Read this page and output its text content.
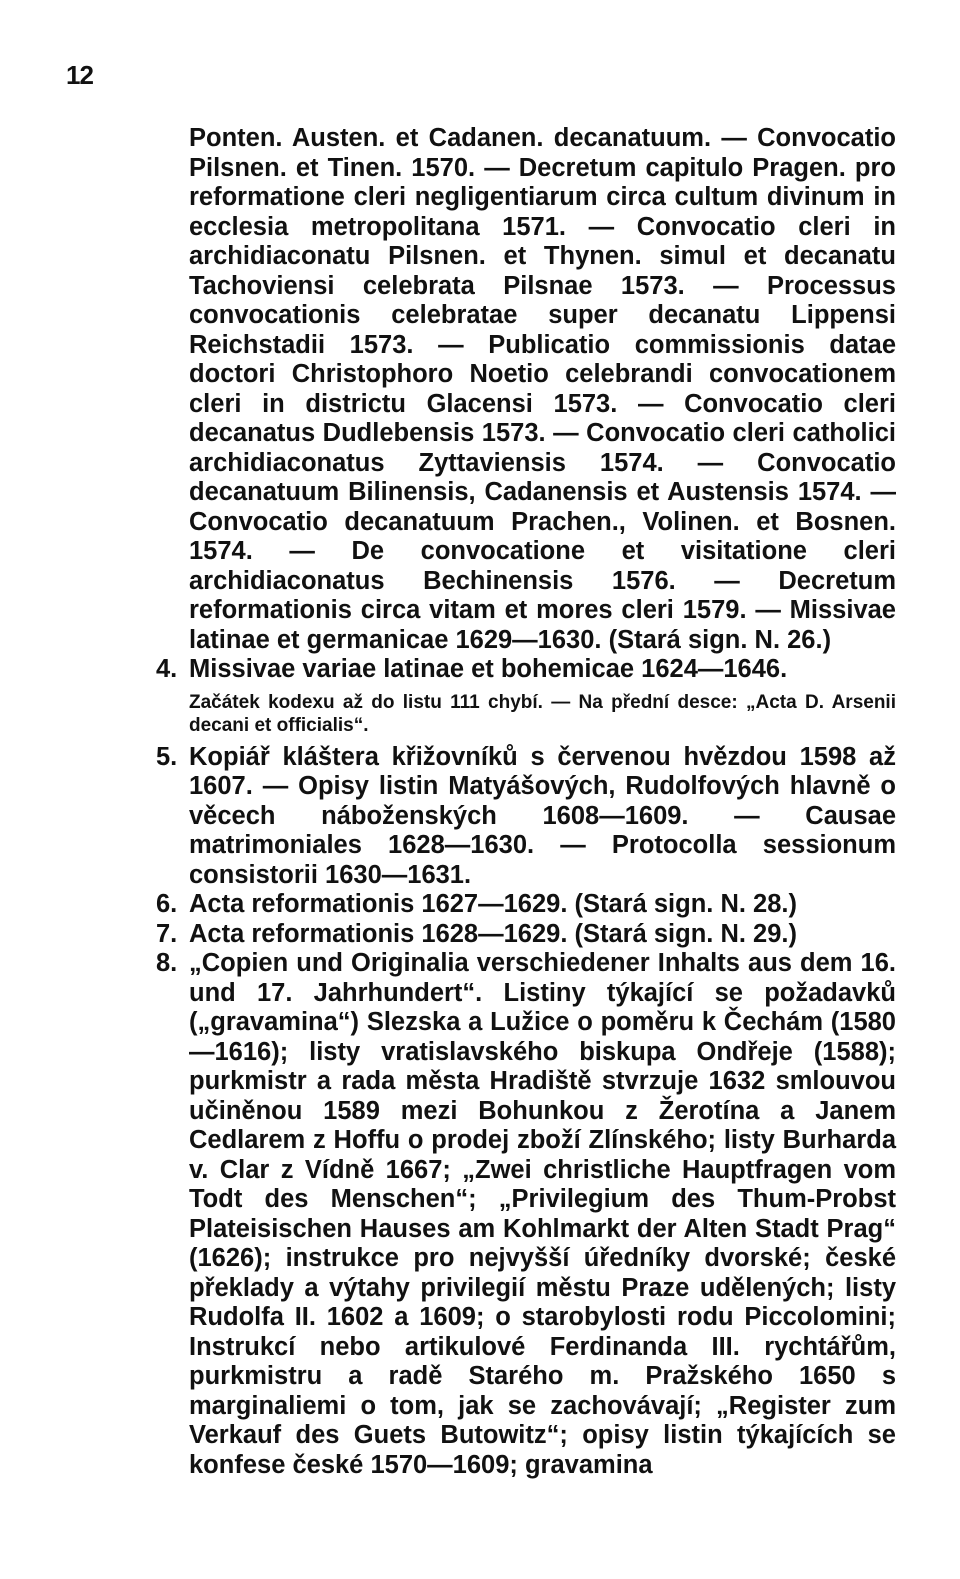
12

Ponten. Austen. et Cadanen. decanatuum. — Convocatio Pilsnen. et Tinen. 1570. — Decretum capitulo Pragen. pro reformatione cleri negligentiarum circa cultum divinum in ecclesia metropolitana 1571. — Convocatio cleri in archidiaconatu Pilsnen. et Thynen. simul et decanatu Tachoviensi celebrata Pilsnae 1573. — Processus convocationis celebratae super decanatu Lippensi Reichstadii 1573. — Publicatio commissionis datae doctori Christophoro Noetio celebrandi convocationem cleri in districtu Glacensi 1573. — Convocatio cleri decanatus Dudlebensis 1573. — Convocatio cleri catholici archidiaconatus Zyttaviensis 1574. — Convocatio decanatuum Bilinensis, Cadanensis et Austensis 1574. — Convocatio decanatuum Prachen., Volinen. et Bosnen. 1574. — De convocatione et visitatione cleri archidiaconatus Bechinensis 1576. — Decretum reformationis circa vitam et mores cleri 1579. — Missivae latinae et germanicae 1629—1630. (Stará sign. N. 26.)

4. Missivae variae latinae et bohemicae 1624—1646.

Začátek kodexu až do listu 111 chybí. — Na přední desce: „Acta D. Arsenii decani et officialis“.

5. Kopiář kláštera křižovníků s červenou hvězdou 1598 až 1607. — Opisy listin Matyášových, Rudolfových hlavně o věcech náboženských 1608—1609. — Causae matrimoniales 1628—1630. — Protocolla sessionum consistorii 1630—1631.
6. Acta reformationis 1627—1629. (Stará sign. N. 28.)
7. Acta reformationis 1628—1629. (Stará sign. N. 29.)
8. „Copien und Originalia verschiedener Inhalts aus dem 16. und 17. Jahrhundert“. Listiny týkající se požadavků („gravamina“) Slezska a Lužice o poměru k Čechám (1580—1616); listy vratislavského biskupa Ondřeje (1588); purkmistr a rada města Hradiště stvrzuje 1632 smlouvou učiněnou 1589 mezi Bohunkou z Žerotína a Janem Cedlarem z Hoffu o prodej zboží Zlínského; listy Burharda v. Clar z Vídně 1667; „Zwei christliche Hauptfragen vom Todt des Menschen“; „Privilegium des Thum-Probst Plateisischen Hauses am Kohlmarkt der Alten Stadt Prag“ (1626); instrukce pro nejvyšší úředníky dvorské; české překlady a výtahy privilegií městu Praze udělených; listy Rudolfa II. 1602 a 1609; o starobylosti rodu Piccolomini; Instrukcí nebo artikulové Ferdinanda III. rychtářům, purkmistru a radě Starého m. Pražského 1650 s marginaliemi o tom, jak se zachovávají; „Register zum Verkauf des Guets Butowitz“; opisy listin týkajících se konfese české 1570—1609; gravamina
